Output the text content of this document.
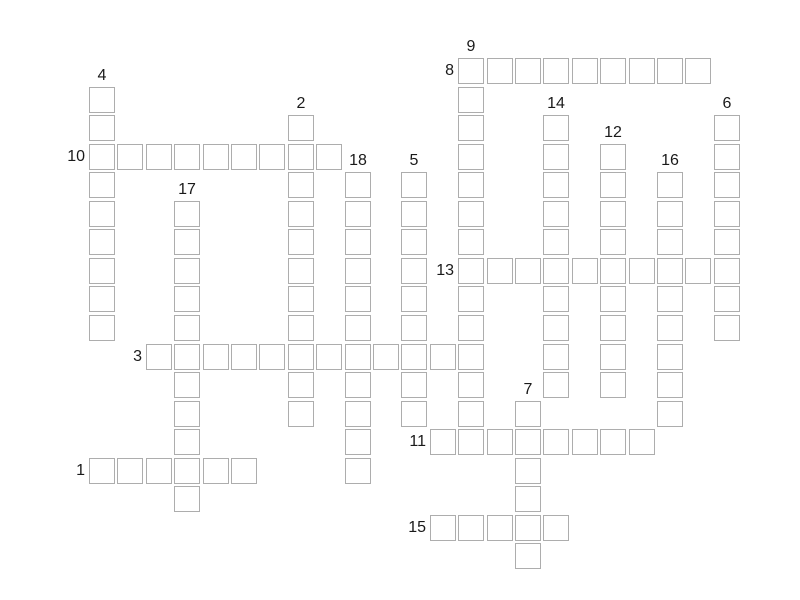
1
2
3
4
5
6
7
8
9
10
11
12
13
14
15
16
17
18
